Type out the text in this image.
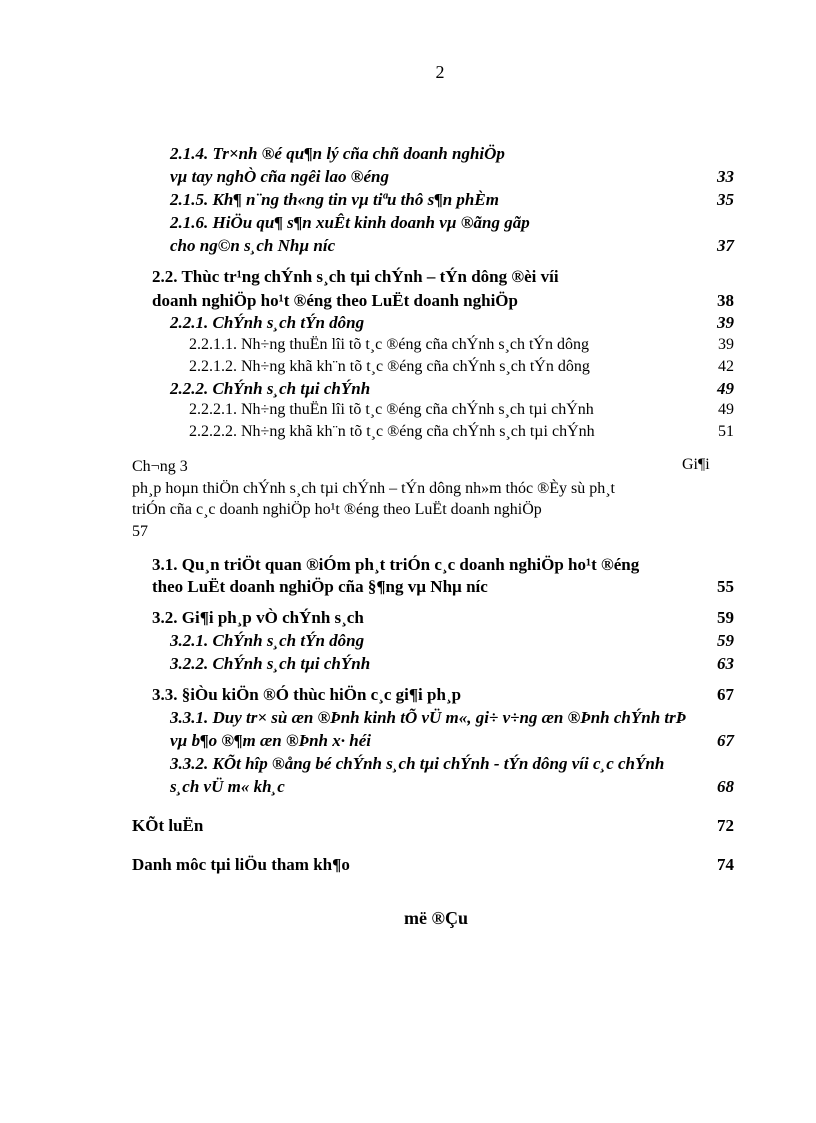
2
2.1.4. Tr×nh ®é qu¶n lý cña chñ doanh nghiÖp
vµ tay nghÒ cña ngêi lao ®éng	33
2.1.5. Kh¶ n¨ng th«ng tin vµ tiªu thô s¶n phÈm	35
2.1.6. HiÖu qu¶ s¶n xuÊt kinh doanh vµ ®ãng gãp
cho ng©n s¸ch Nhµ níc	37
2.2. Thùc tr¹ng chÝnh s¸ch tµi chÝnh – tÝn dông ®èi víi
doanh nghiÖp ho¹t ®éng theo LuËt doanh nghiÖp	38
2.2.1. ChÝnh s¸ch tÝn dông	39
2.2.1.1. Nh÷ng thuËn lîi tõ t¸c ®éng cña chÝnh s¸ch tÝn dông	39
2.2.1.2. Nh÷ng khã kh¨n tõ t¸c ®éng cña chÝnh s¸ch tÝn dông	42
2.2.2. ChÝnh s¸ch tµi chÝnh	49
2.2.2.1. Nh÷ng thuËn lîi tõ t¸c ®éng cña chÝnh s¸ch tµi chÝnh	49
2.2.2.2. Nh÷ng khã kh¨n tõ t¸c ®éng cña chÝnh s¸ch tµi chÝnh	51
Ch¬ng 3	Gi¶i
ph¸p hoµn thiÖn chÝnh s¸ch tµi chÝnh – tÝn dông nh»m thóc ®Èy sù ph¸t
triÓn cña c¸c doanh nghiÖp ho¹t ®éng theo LuËt doanh nghiÖp
57
3.1. Qu¸n triÖt quan ®iÓm ph¸t triÓn c¸c doanh nghiÖp ho¹t ®éng
theo LuËt doanh nghiÖp cña §¶ng vµ Nhµ níc	55
3.2. Gi¶i ph¸p vÒ chÝnh s¸ch	59
3.2.1. ChÝnh s¸ch tÝn dông	59
3.2.2. ChÝnh s¸ch tµi chÝnh	63
3.3. §iÒu kiÖn ®Ó thùc hiÖn c¸c gi¶i ph¸p	67
3.3.1. Duy tr× sù æn ®Þnh kinh tÕ vÜ m«, gi÷ v÷ng æn ®Þnh chÝnh trÞ
vµ b¶o ®¶m æn ®Þnh x· héi	67
3.3.2. KÕt hîp ®ång bé chÝnh s¸ch tµi chÝnh - tÝn dông víi c¸c chÝnh
s¸ch vÜ m« kh¸c	68
KÕt luËn	72
Danh môc tµi liÖu tham kh¶o	74
më ®Çu
